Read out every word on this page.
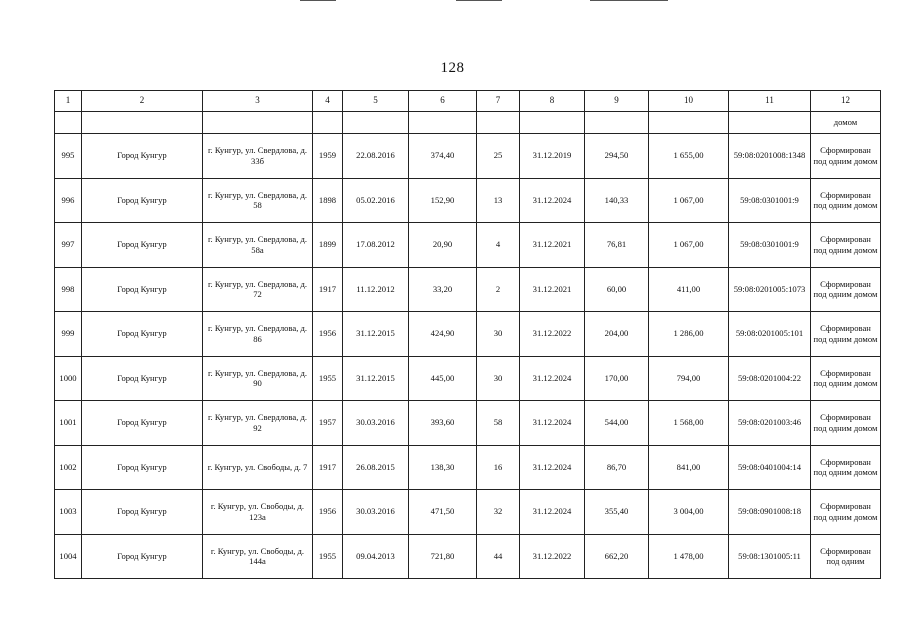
128
1	2	3	4	5	6	7	8	9	10	11	12
											домом
995	Город Кунгур	г. Кунгур, ул. Свердлова, д. 33б	1959	22.08.2016	374,40	25	31.12.2019	294,50	1 655,00	59:08:0201008:1348	Сформирован под одним домом
996	Город Кунгур	г. Кунгур, ул. Свердлова, д. 58	1898	05.02.2016	152,90	13	31.12.2024	140,33	1 067,00	59:08:0301001:9	Сформирован под одним домом
997	Город Кунгур	г. Кунгур, ул. Свердлова, д. 58а	1899	17.08.2012	20,90	4	31.12.2021	76,81	1 067,00	59:08:0301001:9	Сформирован под одним домом
998	Город Кунгур	г. Кунгур, ул. Свердлова, д. 72	1917	11.12.2012	33,20	2	31.12.2021	60,00	411,00	59:08:0201005:1073	Сформирован под одним домом
999	Город Кунгур	г. Кунгур, ул. Свердлова, д. 86	1956	31.12.2015	424,90	30	31.12.2022	204,00	1 286,00	59:08:0201005:101	Сформирован под одним домом
1000	Город Кунгур	г. Кунгур, ул. Свердлова, д. 90	1955	31.12.2015	445,00	30	31.12.2024	170,00	794,00	59:08:0201004:22	Сформирован под одним домом
1001	Город Кунгур	г. Кунгур, ул. Свердлова, д. 92	1957	30.03.2016	393,60	58	31.12.2024	544,00	1 568,00	59:08:0201003:46	Сформирован под одним домом
1002	Город Кунгур	г. Кунгур, ул. Свободы, д. 7	1917	26.08.2015	138,30	16	31.12.2024	86,70	841,00	59:08:0401004:14	Сформирован под одним домом
1003	Город Кунгур	г. Кунгур, ул. Свободы, д. 123а	1956	30.03.2016	471,50	32	31.12.2024	355,40	3 004,00	59:08:0901008:18	Сформирован под одним домом
1004	Город Кунгур	г. Кунгур, ул. Свободы, д. 144а	1955	09.04.2013	721,80	44	31.12.2022	662,20	1 478,00	59:08:1301005:11	Сформирован под одним
